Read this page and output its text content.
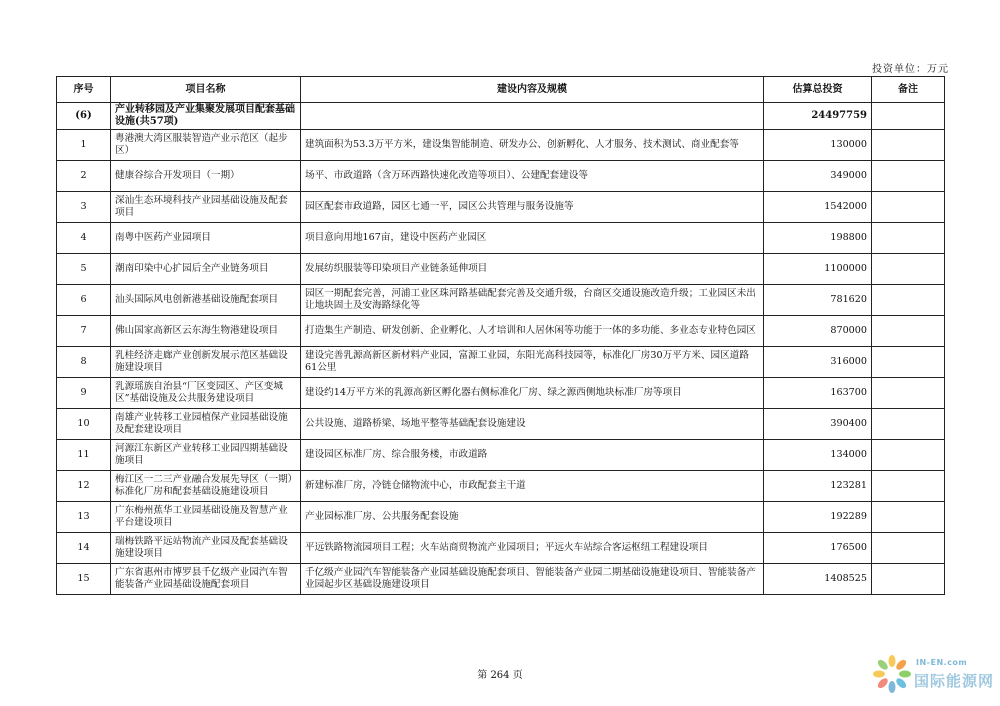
投资单位：万元
序号	项目名称	建设内容及规模	估算总投资	备注
(6)	产业转移园及产业集聚发展项目配套基础设施(共57项)		24497759	
1	粤港澳大湾区服装智造产业示范区（起步区）	建筑面积为53.3万平方米，建设集智能制造、研发办公、创新孵化、人才服务、技术测试、商业配套等	130000	
2	健康谷综合开发项目（一期）	场平、市政道路（含万环西路快速化改造等项目）、公建配套建设等	349000	
3	深汕生态环境科技产业园基础设施及配套项目	园区配套市政道路，园区七通一平，园区公共管理与服务设施等	1542000	
4	南粤中医药产业园项目	项目意向用地167亩，建设中医药产业园区	198800	
5	潮南印染中心扩园后全产业链务项目	发展纺织服装等印染项目产业链条延伸项目	1100000	
6	汕头国际风电创新港基础设施配套项目	园区一期配套完善，河浦工业区珠河路基础配套完善及交通升级，台商区交通设施改造升级；工业园区未出让地块固土及安海路绿化等	781620	
7	佛山国家高新区云东海生物港建设项目	打造集生产制造、研发创新、企业孵化、人才培训和人居休闲等功能于一体的多功能、多业态专业特色园区	870000	
8	乳桂经济走廊产业创新发展示范区基础设施建设项目	建设完善乳源高新区新材料产业园，富源工业园，东阳光高科技园等，标准化厂房30万平方米、园区道路61公里	316000	
9	乳源瑶族自治县“厂区变园区、产区变城区”基础设施及公共服务建设项目	建设约14万平方米的乳源高新区孵化器右侧标准化厂房、绿之源西侧地块标准厂房等项目	163700	
10	南雄产业转移工业园植保产业园基础设施及配套建设项目	公共设施、道路桥梁、场地平整等基础配套设施建设	390400	
11	河源江东新区产业转移工业园四期基础设施项目	建设园区标准厂房、综合服务楼，市政道路	134000	
12	梅江区一二三产业融合发展先导区（一期）标准化厂房和配套基础设施建设项目	新建标准厂房，冷链仓储物流中心，市政配套主干道	123281	
13	广东梅州蕉华工业园基础设施及智慧产业平台建设项目	产业园标准厂房、公共服务配套设施	192289	
14	瑞梅铁路平远站物流产业园及配套基础设施建设项目	平远铁路物流园项目工程；火车站商贸物流产业园项目；平远火车站综合客运枢纽工程建设项目	176500	
15	广东省惠州市博罗县千亿级产业园汽车智能装备产业园基础设施配套项目	千亿级产业园汽车智能装备产业园基础设施配套项目、智能装备产业园二期基础设施建设项目、智能装备产业园起步区基础设施建设项目	1408525	
第 264 页
IN-EN.com
国际能源网
